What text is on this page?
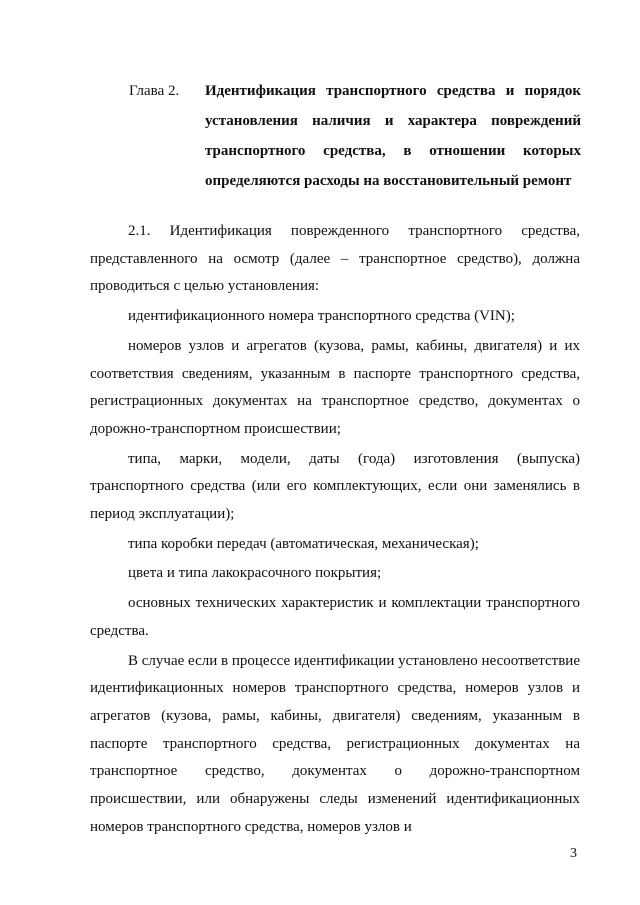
Глава 2.	Идентификация транспортного средства и порядок установления наличия и характера повреждений транспортного средства, в отношении которых определяются расходы на восстановительный ремонт

2.1. Идентификация поврежденного транспортного средства, представленного на осмотр (далее – транспортное средство), должна проводиться с целью установления:

идентификационного номера транспортного средства (VIN);

номеров узлов и агрегатов (кузова, рамы, кабины, двигателя) и их соответствия сведениям, указанным в паспорте транспортного средства, регистрационных документах на транспортное средство, документах о дорожно-транспортном происшествии;

типа, марки, модели, даты (года) изготовления (выпуска) транспортного средства (или его комплектующих, если они заменялись в период эксплуатации);

типа коробки передач (автоматическая, механическая);

цвета и типа лакокрасочного покрытия;

основных технических характеристик и комплектации транспортного средства.

В случае если в процессе идентификации установлено несоответствие идентификационных номеров транспортного средства, номеров узлов и агрегатов (кузова, рамы, кабины, двигателя) сведениям, указанным в паспорте транспортного средства, регистрационных документах на транспортное средство, документах о дорожно-транспортном происшествии, или обнаружены следы изменений идентификационных номеров транспортного средства, номеров узлов и

3
